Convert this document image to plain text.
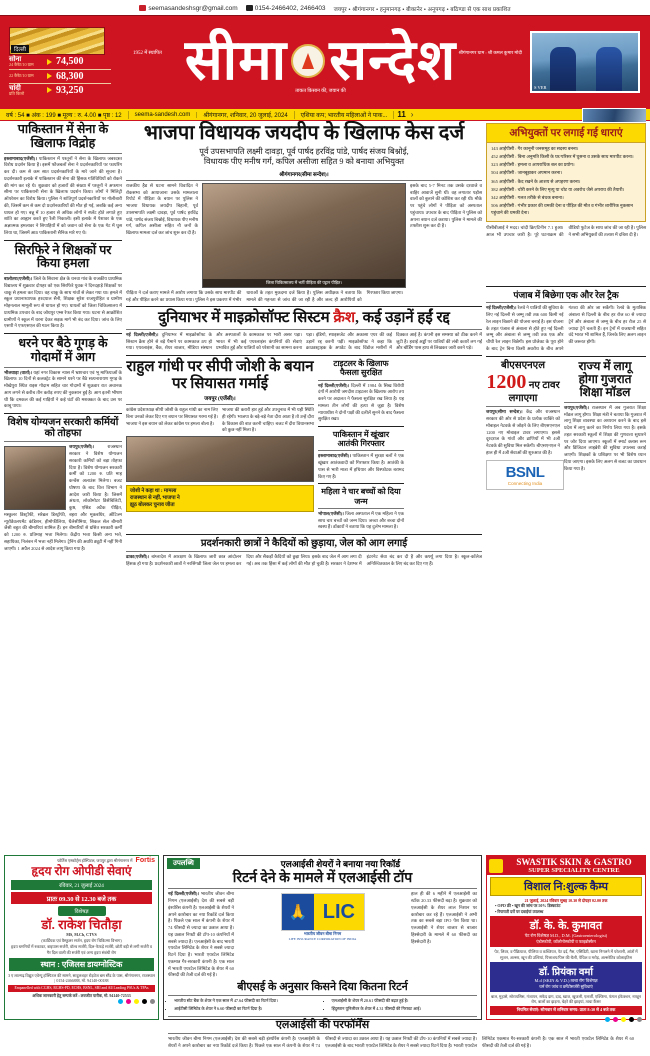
seemasandeshsgr@gmail.com	0154-2466402, 2466403 जयपुर • श्रीगंगानगर • हनुमानगढ़ • बीकानेर • अनूपगढ़ • बठिण्डा से एक साथ प्रकाशित
दिल्ली
सोना
24 कैरेट/10 ग्राम	74,500
22 कैरेट/10 ग्राम	68,300
चांदी
प्रति किलो	93,250
1952 में स्थापित	श्रीगंगानगर धाम : श्री कमल कुमार मोदी
सीमा सन्देश
ताकत किसान की, जवान की
S VER
वर्ष : 54 ■ अंक : 199 ■ मूल्य : रु. 4.00 ■ पृष्ठ : 12	seema-sandesh.com	श्रीगंगानगर, शनिवार, 20 जुलाई, 2024	एशिया कप; भारतीय महिलाओं ने पाक...	11 ›
पाकिस्तान में सेना के खिलाफ विद्रोह
इस्लामाबाद(एजेंसी)। पाकिस्तान में पश्तूनों ने सेना के खिलाफ जबरदस्त विरोध प्रदर्शन किया है। इसमें फौजबलों सेना ने प्रदर्शनकारियों पर फायरिंग कर दी। कम से कम सात प्रदर्शनकारियों के मारे जाने की सूचना है। प्रदर्शनकारी इलाके में पाकिस्तान की सेना की हिंसक गतिविधियों को रोकने की मांग कर रहे थे। शुक्रवार को हजारों की संख्या में पश्तूनों ने अफगान सीमा पर पाकिस्तानी सेना के खिलाफ प्रदर्शन किया। लोगों ने मिलिट्री ऑपरेशन का विरोध किया। पुलिस ने शांतिपूर्ण प्रदर्शनकारियों पर गोलीबारी की, जिसमें कम से कम दो प्रदर्शनकारियों की मौत हो गई, जबकि कई अन्य घायल हो गए। बन्नू में 10 हजार से अधिक लोगों ने स्प्लेंट होते लगाते हुए शांति का आह्वान करते हुए रैली निकाली। इसी इलाके में पेशावर के एक अज्ञात्मक हमलावर ने सिपाहियों में को जवान को सेना के एक गेट में घुस लिया था, जिसमें आठ पाकिस्तानी सैनिक मारे गए थे।
सिरफिरे ने शिक्षकों पर किया हमला
बालोतरा(एजेंसी)। जिले के सिवाना क्षेत्र के धनवा गांव के राजकीय प्राथमिक विद्यालय में शुक्रवार दोपहर को एक सिरफिरे युवक ने दिनदहाड़े शिक्षकों पर चाकू से हमला कर दिया। वह चाकू के साथ गांवों से लेकर गया था। हमले में स्कूल प्रधानाध्यापक हरदयाल सैनी, शिक्षक सुरेश राजपुरोहित व ग्रामीण मोहनलाल मामूली रूप से घायल हो गए। घायलों को जिला चिकित्सालय में प्राथमिक उपचार के बाद जोधपुर एम्स रेफर किया गया। घटना से आक्रोशित ग्रामीणों ने स्कूल में धरना देकर सड़क मार्ग भी बंद कर दिया। जांच के लिए एसपी ने एफएसएल की गठन किया है।
धरने पर बैठे गूगड़ के गोदामों में आग
भीलवाड़ा (वार्ता)। यहां नगर विकास न्यास में भ्रष्टाचार एवं भू माफियाओं के खिलाफ 10 दिनों से कलक्ट्रेट के सामने धरने पर बैठे सत्यनारायण गूगड़ के मोखेपुरा स्थित राइस गोदाम सहित चार गोदामों में शुक्रवार रात अचानक आग लगने से करीब तीन करोड़ रुपए की नुकसान हुई है। आग इतनी भीषण थी कि दमकल की कई गाड़ियों ने कई घंटों की मशक्कत के बाद उस पर काबू पाया।
विशेष योग्यजन सरकारी कर्मियों को तोहफा
जयपुर(एजेंसी)।	राजस्थान सरकार ने विशेष योग्यजन सरकारी कर्मियों को बड़ा तोहफा दिया है। विशेष योग्यजन सरकारी कर्मी को 1200 रु. प्रति माह कन्वेंस अलाउंस मिलेगा। बजट घोषणा के बाद वित्त विभाग ने आदेश जारी किया है। जिसमें अंधता, लोकोमोटर डिसेबिलिटी, कुष्ठ, एसिड अटैक पीड़ित, मस्कुलर डिस्ट्रॉफी, सरेब्रल डिस्ट्रॉफी, बहरा और मूकबधिर, ऑटिज्म न्यूरोडेवलपमेंट कंडिशन, हीमोफीलिया, थैलेसीमिया, सिकल सेल बीमारी जैसी बहुत की बीमारियां शामिल हैं। इन बीमारियों से ग्रसित सरकारी कर्मी को 1200 रु. प्रतिमाह भत्ता मिलेगा। केंद्रीय भत्ता किसी अन्य भत्ते, सहायिका, निलंबन में भत्ता नहीं मिलेगा। ट्रेनिंग की अवधि ड्यूटी में नहीं गिनी जाएगी। 1 अप्रैल 2024 से आदेश लागू किया गया है।
भाजपा विधायक जयदीप के खिलाफ केस दर्ज
पूर्व उपसभापति लक्ष्मी दावड़ा, पूर्व पार्षद हरविंद्र पांडे, पार्षद संजय बिश्नोई,
विधायक पीए मनीष गर्ग, कपिल असीजा सहित 9 को बनाया अभियुक्त
श्रीगंगानगर(सीमा सन्देश)।
राजकीय हैड से घटना सामने विवादित ने रोकसभा को आयाजाना उसके मामलाला रिपोर्ट में पीड़िता के बयान पर पुलिस ने भाजपा विधायक जयदीप बिहानी, पूर्व उपसभापति लक्ष्मी दावड़ा, पूर्व पार्षद हरविंद्र पांडे, पार्षद संजय बिश्नोई, विधायक पीए मनीष गर्ग, कपिल असीजा सहित नौ जनों के खिलाफ मामला दर्ज कर जांच शुरू कर दी है।
जिला चिकित्सालय में भर्ती पीड़िता की पट्टान पीड़ित।
इसके बाद 5-7 मिनट तक उसके दरवाजे व बाहिर आवाजें सुनी थीं। वह लगातार पड़ोस वालों को बुलाने की कोशिश कर रही थी। मौके पर पहुंचे लोगों ने पीड़िता को अस्पताल पहुंचाया। उपचार के बाद पीड़िता ने पुलिस को अपना बयान दर्ज कराया। पुलिस ने मामले की तफ्तीश शुरू कर दी है।
पीड़िता ने दर्ज कराए मामले में आरोप लगाया कि उसके साथ मारपीट की गई और पीड़ित करने का प्रयास किया गया। पुलिस ने इस प्रकरण में गंभीर धाराओं के तहत मुकदमा दर्ज किया है। पुलिस अधीक्षक ने बताया कि मामले की गहनता से जांच की जा रही है और जल्द ही आरोपियों को गिरफ्तार किया जाएगा।
दुनियाभर में माइक्रोसॉफ्ट सिस्टम क्रैश, कई उड़ानें हईं रद्द
नई दिल्ली(एजेंसी)। दुनियाभर में माइक्रोसॉफ्ट के सिस्टम क्रैश होने से बड़े पैमाने पर कामकाज ठप हो गया। एयरलाइंस, बैंक, शेयर बाजार, मीडिया संस्थान और अस्पतालों के कामकाज पर भारी असर पड़ा। भारत में भी कई एयरलाइंस कंपनियों की सेवाएं प्रभावित हुईं और यात्रियों को परेशानी का सामना करना पड़ा। इंडिगो, स्पाइसजेट और अकासा एयर की कई उड़ानें रद्द करनी पड़ीं। माइक्रोसॉफ्ट ने कहा कि क्राउडस्ट्राइक के अपडेट के बाद विंडोज मशीनों में दिक्कत आई है। कंपनी इस समस्या को ठीक करने में जुटी है। हवाई अड्डों पर यात्रियों की लंबी कतारें लग गईं और बोर्डिंग पास हाथ से लिखकर जारी करने पड़े।
राहुल गांधी पर सीपी जोशी के बयान पर सियासत गर्माई
जयपुर (एजेंसी)।
कांग्रेस प्रदेशाध्यक्ष सीपी जोशी के राहुल गांधी का नाम लिए बिना उनको लेकर दिए गए बयान पर सियासत गरमा गई है। भाजपा ने इस बयान को लेकर कांग्रेस पर हमला बोला है।
भाजपा की करारी हार हुई और उपचुनाव में भी यही स्थिति ही रहेगी। भाजपा के बड़े-बड़े नेता दौरा आता है तो उन्हें दौरा के विकास की बात करनी चाहिए। बजट में दौरा विधानसभा को कुछ नहीं मिला है।
जोशी ने कहा था : मामला
राजस्थान से नहीं, भाजपा ने
झूठ बोलकर चुनाव जीता
टाइटलर के खिलाफ
फैसला सुरक्षित
नई दिल्ली(एजेंसी)। दिल्ली में 1984 के सिख विरोधी दंगों में आरोपी जगदीश टाइटलर के खिलाफ आरोप तय करने पर अदालत ने फैसला सुरक्षित रख लिया है। यह मामला तीन लोगों की हत्या से जुड़ा है। विशेष न्यायाधीश ने दोनों पक्षों की दलीलें सुनने के बाद फैसला सुरक्षित रखा।
पाकिस्तान में खूंखार
आतंकी गिरफ्तार
इस्लामाबाद(एजेंसी)। पाकिस्तान में सुरक्षा बलों ने एक खूंखार आतंकवादी को गिरफ्तार किया है। आतंकी के पास से भारी मात्रा में हथियार और विस्फोटक बरामद किए गए हैं।
महिला ने चार बच्चों को दिया जन्म
भोपाल(एजेंसी)। जिला अस्पताल में एक महिला ने एक साथ चार बच्चों को जन्म दिया। जच्चा और बच्चा दोनों स्वस्थ हैं। डॉक्टरों ने बताया कि यह दुर्लभ मामला है।
प्रदर्शनकारी छात्रों ने कैदियों को छुड़ाया, जेल को आग लगाई
ढाका(एजेंसी)। बांग्लादेश में आरक्षण के खिलाफ जारी छात्र आंदोलन हिंसक हो गया है। प्रदर्शनकारी छात्रों ने नरसिंगडी जिला जेल पर हमला कर दिया और सैकड़ों कैदियों को छुड़ा लिया। इसके बाद जेल में आग लगा दी गई। अब तक हिंसा में कई लोगों की मौत हो चुकी है। सरकार ने देशभर में इंटरनेट सेवा बंद कर दी है और कर्फ्यू लगा दिया है। स्कूल-कॉलेज अनिश्चितकाल के लिए बंद कर दिए गए हैं।
अभियुक्तों पर लगाई गई धाराएं
143 आईपीसी : गैर कानूनी जनसमूह का सदस्य बनना।
452 आईपीसी : बिना अनुमति किसी के घर/परिसर में घुसना व उसके साथ मारपीट करना।
323 आईपीसी : हमला व आपराधिक बल का प्रयोग।
504 आईपीसी : जानबूझकर अपमान करना।
365 आईपीसी : कैद रखने के आशय से अपहरण करना।
382 आईपीसी : चोरी करने के लिए मृत्यु या चोट या अवरोध जैसे अपराध की तैयारी।
342 आईपीसी : गलत तरीके से बंधक बनाना।
506 आईपीसी : गंभीर प्रकार की धमकी देना व पीड़ित की मौत व गंभीर शारीरिक नुकसान पहुंचाने की धमकी देना।
पीसीबीआई ने मदद। चांदी क्रिएटिनीन 7.1 हुआ। आज भी उपचार जारी है। पूरे घटनाक्रम की वीडियो फुटेज के साथ जांच की जा रही है। पुलिस ने सभी अभियुक्तों की तलाश में दबिश दी है।
पंजाब में बिछेगा एक और रेल ट्रैक
नई दिल्ली(एजेंसी)। रेलवे ने यात्रियों की सुविधा के लिए नई दिल्ली से जम्मू तवी तक 600 किमी नई रेल लाइन बिछाने की योजना बनाई है। इस योजना के तहत पंजाब से अंबाला से होते हुए नई दिल्ली जम्मू और अंबाला से जम्मू तवी तक एक और चौथी रेल लाइन बिछेगी। इस प्रोजेक्ट के पूरा होने के बाद ट्रेन बिना किसी अवरोध के बीच अपने गंतव्य की ओर जा सकेंगी। रेलवे के मुताबिक अंबाला से दिल्ली के बीच हर रोज 60 से ज्यादा ट्रेनें और अंबाला से जम्मू के बीच हर रोज 25 से ज्यादा ट्रेनें चलती हैं। इन ट्रेनों में राजधानी सहित वंदे भारत भी शामिल हैं, जिनके लिए अलग लाइन की जरूरत होगी।
बीएसएनएल 1200 नए टावर लगाएगा
जयपुर(सीमा सन्देश)। केंद्र और राजस्थान सरकार की ओर से प्रदेश के प्रत्येक व्यक्ति को मोबाइल नेटवर्क से जोड़ने के लिए बीएसएनएल 1200 नए मोबाइल टावर लगाएगा। इससे दूरदराज के गांवों और ढाणियों में भी 4जी नेटवर्क की सुविधा मिल सकेगी। बीएसएनएल ने हाल ही में 4जी सेवाओं की शुरुआत की है।
BSNL
Connecting India
राज्य में लागू
होगा गुजरात
शिक्षा मॉडल
जयपुर(एजेंसी)। राजस्थान में अब गुजरात शिक्षा मॉडल लागू होगा। शिक्षा मंत्री ने बताया कि गुजरात में लागू शिक्षा व्यवस्था का अध्ययन करने के बाद इसे प्रदेश में लागू करने का निर्णय लिया गया है। इसके तहत सरकारी स्कूलों में शिक्षा की गुणवत्ता सुधारने पर जोर दिया जाएगा। स्कूलों में स्मार्ट क्लास रूम और डिजिटल लाइब्रेरी की सुविधा उपलब्ध कराई जाएगी। शिक्षकों के प्रशिक्षण पर भी विशेष ध्यान दिया जाएगा। इसके लिए अलग से बजट का प्रावधान किया गया है।
फोर्टिस एस्कॉर्ट्स हॉस्पिटल, जयपुर द्वारा श्रीगंगानगर में Fortis
हृदय रोग ओपीडी सेवाएं
रविवार, 21 जुलाई 2024
प्रातः 09.30 से 12.30 बजे तक
विशेषज्ञ
डॉ. राकेश चितौड़ा
MS, M.Ch, CTVS
(कार्डियक एवं वैस्कुलर सर्जन, हृदय रोग चिकित्सा विभाग)
हृदय धमनियों में रुकावट, बाइपास सर्जरी, वॉल्व सर्जरी, दिल-फेफड़े सर्जरी, छोटी बड़ी से लगी सर्जरी व गैर दिल वाली की सर्जरी एवं अन्य हृदय संबंधी रोग
स्थान : एजिलस डायग्नोस्टिक
3 ए लाल्गढ़ विद्युत एवेन्यू हॉस्पिटल की सामने, सादुलशहर रोड़वेज बस स्टैंड के पास, श्रीगंगानगर, राजस्थान | 0154-2466888, मो. 94140-00188
Empanelled with CGHS, RGHS-PD, ECHS, BSNL, SBI and All Leading PSUs & TPAs
अधिक जानकारी हेतु सम्पर्क करें : लवजीत पारीक, मो. 94140-72533
उपलब्धि	एलआईसी शेयरों ने बनाया नया रिकॉर्ड
रिटर्न देने के मामले में एलआईसी टॉप
नई दिल्ली(एजेंसी)। भारतीय जीवन बीमा निगम (एलआईसी) देश की सबसे बड़ी इंश्योरेंस कंपनी है। एलआईसी के शेयरों ने अपने कारोबार का नया रिकॉर्ड दर्ज किया है। पिछले एक साल में कंपनी के शेयर में 74 फीसदी से ज्यादा का उछाल आया है। यह उछाल निफ्टी की टॉप-10 कंपनियों में सबसे ज्यादा है। एलआईसी के बाद भारती एयरटेल लिमिटेड के शेयर ने सबसे ज्यादा रिटर्न दिया है। भारती एयरटेल लिमिटेड एकमात्र गैर-सरकारी कंपनी है। एक साल में भारती एयरटेल लिमिटेड के शेयर में 60 फीसदी की तेजी दर्ज की गई है।
🙏 LIC
भारतीय जीवन बीमा निगम
LIFE INSURANCE CORPORATION OF INDIA
हाल ही की 6 महीने में एलआईसी का स्टॉक 20.33 फीसदी बढ़ा है। शुक्रवार को एलआईसी के शेयर लाल निशान पर कारोबार कर रहे हैं। एलआईसी ने अभी तक का सबसे बड़ा IPO पेश किया था। एलआईसी ने शेयर बाजार से बाजार हिस्सेदारी के मामले में 60 फीसदी का हिस्सेदारी है।
बीएसई के अनुसार किसने दिया कितना रिटर्न
• भारतीय स्टेट बैंक के शेयर ने एक साल में 47.64 फीसदी का रिटर्न दिया।
• आईटीसी लिमिटेड के शेयर ने 6.60 फीसदी का रिटर्न दिया है।
• एलआईसी के शेयर में 20.61 फीसदी की बढ़त हुई है।
• हिंदुस्तान यूनिलीवर के शेयर में 4.31 फीसदी की गिरावट आई।
एलआईसी की परफॉर्मेंस
भारतीय जीवन बीमा निगम (एलआईसी) देश की सबसे बड़ी इंश्योरेंस कंपनी है। एलआईसी के शेयरों ने अपने कारोबार का नया रिकॉर्ड दर्ज किया है। पिछले एक साल में कंपनी के शेयर में 74 फीसदी से ज्यादा का उछाल आया है। यह उछाल निफ्टी की टॉप-10 कंपनियों में सबसे ज्यादा है। एलआईसी के बाद भारती एयरटेल लिमिटेड के शेयर ने सबसे ज्यादा रिटर्न दिया है। भारती एयरटेल लिमिटेड एकमात्र गैर-सरकारी कंपनी है। एक साल में भारती एयरटेल लिमिटेड के शेयर में 60 फीसदी की तेजी दर्ज की गई है।
SWASTIK SKIN & GASTRO
SUPER SPECIALITY CENTRE
विशाल नि:शुल्क कैम्प
21 जुलाई, 2024 रविवार सुबह 10.30 से दोपहर 02.00 तक
• OPD फ्री • खून की जांच पर 50% डिस्काउंट
• रियायती दरों पर दवाईयां उपलब्ध
डॉ. के. के. कुमावत
पेट रोग विशेषज्ञ M.D., D.M. (Gastroenterologist)
एंडोस्कोपी, कॉलोनोस्कोपी व फाइब्रोस्कैन
पेट, लिवर, व पैंक्रियाज, पीलिया व कब्जियत, पेट दर्द, गैस, एसिडिटी, खाना निगलने में परेशानी, आंतों में सूजन, अल्सर, खून की उल्टियां, पित्ताशय/पित्त की थैली, पेचिश व मरोड़, अल्सरेटिव कोलाइटिस
डॉ. प्रियंका वर्मा
M.d (SKIN & V.D.) त्वचा रोग विशेषज्ञ
चर्म रोग जांच व डर्मेटोसर्जरी सुविधाएं
बाल, मुहासे, सोरायसिस, गंजापन, सफेद दाग, दाद, खाज, खुजली, एलर्जी, एक्जिमा, फंगल इंफेक्शन, नाखून रोग, बालों का झड़ना, चेहरे की झाइयां, त्वचा कैंसर
नियमित सेवाएं: सोमवार से शनिवार समय: प्रातः 8:30 से 4 बजे तक
